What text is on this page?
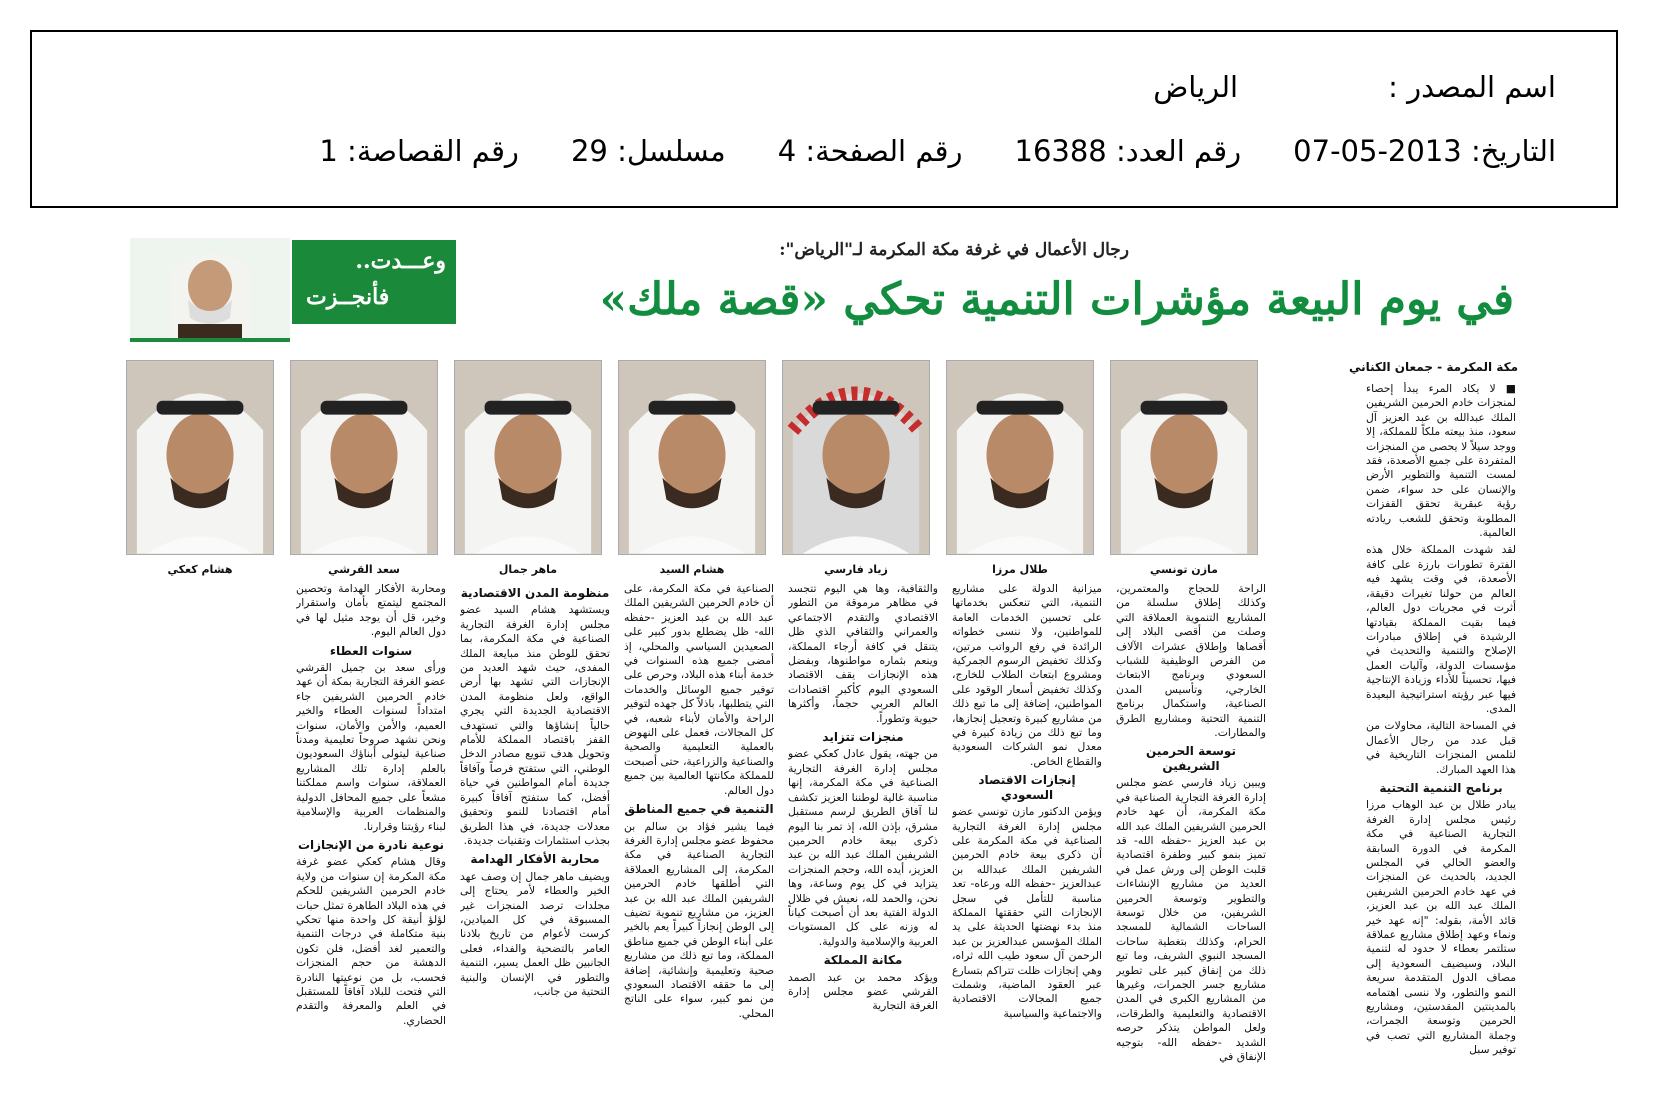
اسم المصدر :
الرياض
التاريخ: 2013-05-07
رقم العدد: 16388
رقم الصفحة: 4
مسلسل: 29
رقم القصاصة: 1
وعـــدت..
فأنجــزت
رجال الأعمال في غرفة مكة المكرمة لـ"الرياض":
في يوم البيعة مؤشرات التنمية تحكي «قصة ملك»
مكة المكرمة - جمعان الكناني
مازن تونسي
طلال مرزا
زياد فارسي
هشام السيد
ماهر جمال
سعد القرشي
هشام كعكي

■ لا يكاد المرء يبدأ إحصاء لمنجزات خادم الحرمين الشريفين الملك عبدالله بن عبد العزيز آل سعود، منذ بيعته ملكاً للمملكة، إلا ووجد سيلاً لا يحصى من المنجزات المتفردة على جميع الأصعدة، فقد لمست التنمية والتطوير الأرض والإنسان على حد سواء، ضمن رؤية عبقرية تحقق القفزات المطلوبة وتحقق للشعب ريادته العالمية.

لقد شهدت المملكة خلال هذه الفترة تطورات بارزة على كافة الأصعدة، في وقت يشهد فيه العالم من حولنا تغيرات دقيقة، أثرت في مجريات دول العالم، فيما بقيت المملكة بقيادتها الرشيدة في إطلاق مبادرات الإصلاح والتنمية والتحديث في مؤسسات الدولة، وآليات العمل فيها، تحسيناً للأداء وزيادة الإنتاجية فيها عبر رؤيته استراتيجية البعيدة المدى.

في المساحة التالية، محاولات من قبل عدد من رجال الأعمال لتلمس المنجزات التاريخية في هذا العهد المبارك.

برنامج التنمية التحتية

يبادر طلال بن عبد الوهاب مرزا رئيس مجلس إدارة الغرفة التجارية الصناعية في مكة المكرمة في الدورة السابقة والعضو الحالي في المجلس الجديد، بالحديث عن المنجزات في عهد خادم الحرمين الشريفين الملك عبد الله بن عبد العزيز، قائد الأمة، بقوله: "إنه عهد خير ونماء وعهد إطلاق مشاريع عملاقة ستلتمر بعطاء لا حدود له لتنمية البلاد، وسيضيف السعودية إلى مصاف الدول المتقدمة سريعة النمو والتطور، ولا ننسى اهتمامه بالمدينتين المقدستين، ومشاريع الحرمين وتوسعة الجمرات، وجملة المشاريع التي تصب في توفير سبل

الراحة للحجاج والمعتمرين، وكذلك إطلاق سلسلة من المشاريع التنموية العملاقة التي وصلت من أقصى البلاد إلى أقصاها وإطلاق عشرات الآلاف من الفرص الوظيفية للشباب السعودي وبرنامج الابتعاث الخارجي، وتأسيس المدن الصناعية، واستكمال برنامج التنمية التحتية ومشاريع الطرق والمطارات.

توسعة الحرمين الشريفين

ويبين زياد فارسي عضو مجلس إدارة الغرفة التجارية الصناعية في مكة المكرمة، أن عهد خادم الحرمين الشريفين الملك عبد الله بن عبد العزيز -حفظه الله- قد تميز بنمو كبير وطفرة اقتصادية قلبت الوطن إلى ورش عمل في العديد من مشاريع الإنشاءات والتطوير وتوسعة الحرمين الشريفين، من خلال توسعة الساحات الشمالية للمسجد الحرام، وكذلك بتغطية ساحات المسجد النبوي الشريف، وما تبع ذلك من إنفاق كبير على تطوير مشاريع جسر الجمرات، وغيرها من المشاريع الكبرى في المدن الاقتصادية والتعليمية والطرقات، ولعل المواطن يتذكر حرصه الشديد -حفظه الله- بتوجيه الإنفاق في

ميزانية الدولة على مشاريع التنمية، التي تنعكس بخدماتها على تحسين الخدمات العامة للمواطنين، ولا ننسى خطواته الرائدة في رفع الرواتب مرتين، وكذلك تخفيض الرسوم الجمركية ومشروع ابتعاث الطلاب للخارج، وكذلك تخفيض أسعار الوقود على المواطنين، إضافة إلى ما تبع ذلك من مشاريع كبيرة وتعجيل إنجازها، وما تبع ذلك من زيادة كبيرة في معدل نمو الشركات السعودية والقطاع الخاص.

إنجازات الاقتصاد السعودي

ويؤمن الدكتور مازن تونسي عضو مجلس إدارة الغرفة التجارية الصناعية في مكة المكرمة على أن ذكرى بيعة خادم الحرمين الشريفين الملك عبدالله بن عبدالعزيز -حفظه الله ورعاه- تعد مناسبة للتأمل في سجل الإنجازات التي حققتها المملكة منذ بدء نهضتها الحديثة على يد الملك المؤسس عبدالعزيز بن عبد الرحمن آل سعود طيب الله ثراه، وهي إنجازات ظلت تتراكم بتسارع عبر العقود الماضية، وشملت جميع المجالات الاقتصادية والاجتماعية والسياسية

والثقافية، وها هي اليوم تتجسد في مظاهر مرموقة من التطور الاقتصادي والتقدم الاجتماعي والعمراني والثقافي الذي ظل يتنقل في كافة أرجاء المملكة، وينعم بثماره مواطنوها، وبفضل هذه الإنجازات يقف الاقتصاد السعودي اليوم كأكبر اقتصادات العالم العربي حجماً، وأكثرها حيوية وتطوراً.

منجزات تتزايد

من جهته، يقول عادل كعكي عضو مجلس إدارة الغرفة التجارية الصناعية في مكة المكرمة، إنها مناسبة غالية لوطننا العزيز تكشف لنا آفاق الطريق لرسم مستقبل مشرق، بإذن الله، إذ تمر بنا اليوم ذكرى بيعة خادم الحرمين الشريفين الملك عبد الله بن عبد العزيز، أيده الله، وحجم المنجزات يتزايد في كل يوم وساعة، وها نحن، والحمد لله، نعيش في ظلال الدولة الفتية بعد أن أصبحت كياناً له وزنه على كل المستويات العربية والإسلامية والدولية.

مكانة المملكة

ويؤكد محمد بن عبد الصمد القرشي عضو مجلس إدارة الغرفة التجارية

الصناعية في مكة المكرمة، على أن خادم الحرمين الشريفين الملك عبد الله بن عبد العزيز -حفظه الله- ظل يضطلع بدور كبير على الصعيدين السياسي والمحلي، إذ أمضى جميع هذه السنوات في خدمة أبناء هذه البلاد، وحرص على توفير جميع الوسائل والخدمات التي يتطلبها، باذلاً كل جهده لتوفير الراحة والأمان لأبناء شعبه، في كل المجالات، فعمل على النهوض بالعملية التعليمية والصحية والصناعية والزراعية، حتى أصبحت للمملكة مكانتها العالمية بين جميع دول العالم.

التنمية في جميع المناطق

فيما يشير فؤاد بن سالم بن محفوظ عضو مجلس إدارة الغرفة التجارية الصناعية في مكة المكرمة، إلى المشاريع العملاقة التي أطلقها خادم الحرمين الشريفين الملك عبد الله بن عبد العزيز، من مشاريع تنموية تضيف إلى الوطن إنجازاً كبيراً يعم بالخير على أبناء الوطن في جميع مناطق المملكة، وما تبع ذلك من مشاريع صحية وتعليمية وإنشائية، إضافة إلى ما حققه الاقتصاد السعودي من نمو كبير، سواء على الناتج المحلي.

منظومة المدن الاقتصادية

ويستشهد هشام السيد عضو مجلس إدارة الغرفة التجارية الصناعية في مكة المكرمة، بما تحقق للوطن منذ مبايعة الملك المفدى، حيث شهد العديد من الإنجازات التي تشهد بها أرض الواقع، ولعل منظومة المدن الاقتصادية الجديدة التي يجري حالياً إنشاؤها والتي تستهدف القفز باقتصاد المملكة للأمام وتحويل هدف تنويع مصادر الدخل الوطني، التي ستفتح فرصاً وآفاقاً جديدة أمام المواطنين في حياة أفضل، كما ستفتح آفاقاً كبيرة أمام اقتصادنا للنمو وتحقيق معدلات جديدة، في هذا الطريق بجذب استثمارات وتقنيات جديدة.

محاربة الأفكار الهدامة

ويضيف ماهر جمال إن وصف عهد الخير والعطاء لأمر يحتاج إلى مجلدات ترصد المنجزات غير المسبوقة في كل الميادين، كرست لأعوام من تاريخ بلادنا العامر بالتضحية والفداء، فعلى الجانبين ظل العمل يسير، التنمية والتطور في الإنسان والبنية التحتية من جانب،

ومحاربة الأفكار الهدامة وتحصين المجتمع ليتمتع بأمان واستقرار وخير، قل أن يوجد مثيل لها في دول العالم اليوم.

سنوات العطاء

ورأى سعد بن جميل القرشي عضو الغرفة التجارية بمكة أن عهد خادم الحرمين الشريفين جاء امتداداً لسنوات العطاء والخير العميم، والأمن والأمان، سنوات ونحن نشهد صروحاً تعليمية ومدناً صناعية ليتولى أبناؤك السعوديون بالعلم إدارة تلك المشاريع العملاقة، سنوات واسم مملكتنا مشعاً على جميع المحافل الدولية والمنظمات العربية والإسلامية لبناء رؤيتنا وقرارنا.

نوعية نادرة من الإنجازات

وقال هشام كعكي عضو غرفة مكة المكرمة إن سنوات من ولاية خادم الحرمين الشريفين للحكم في هذه البلاد الطاهرة تمثل حبات لؤلؤ أنيقة كل واحدة منها تحكي بنية متكاملة في درجات التنمية والتعمير لغد أفضل، فلن تكون الدهشة من حجم المنجزات فحسب، بل من نوعيتها النادرة التي فتحت للبلاد آفاقاً للمستقبل في العلم والمعرفة والتقدم الحضاري.
